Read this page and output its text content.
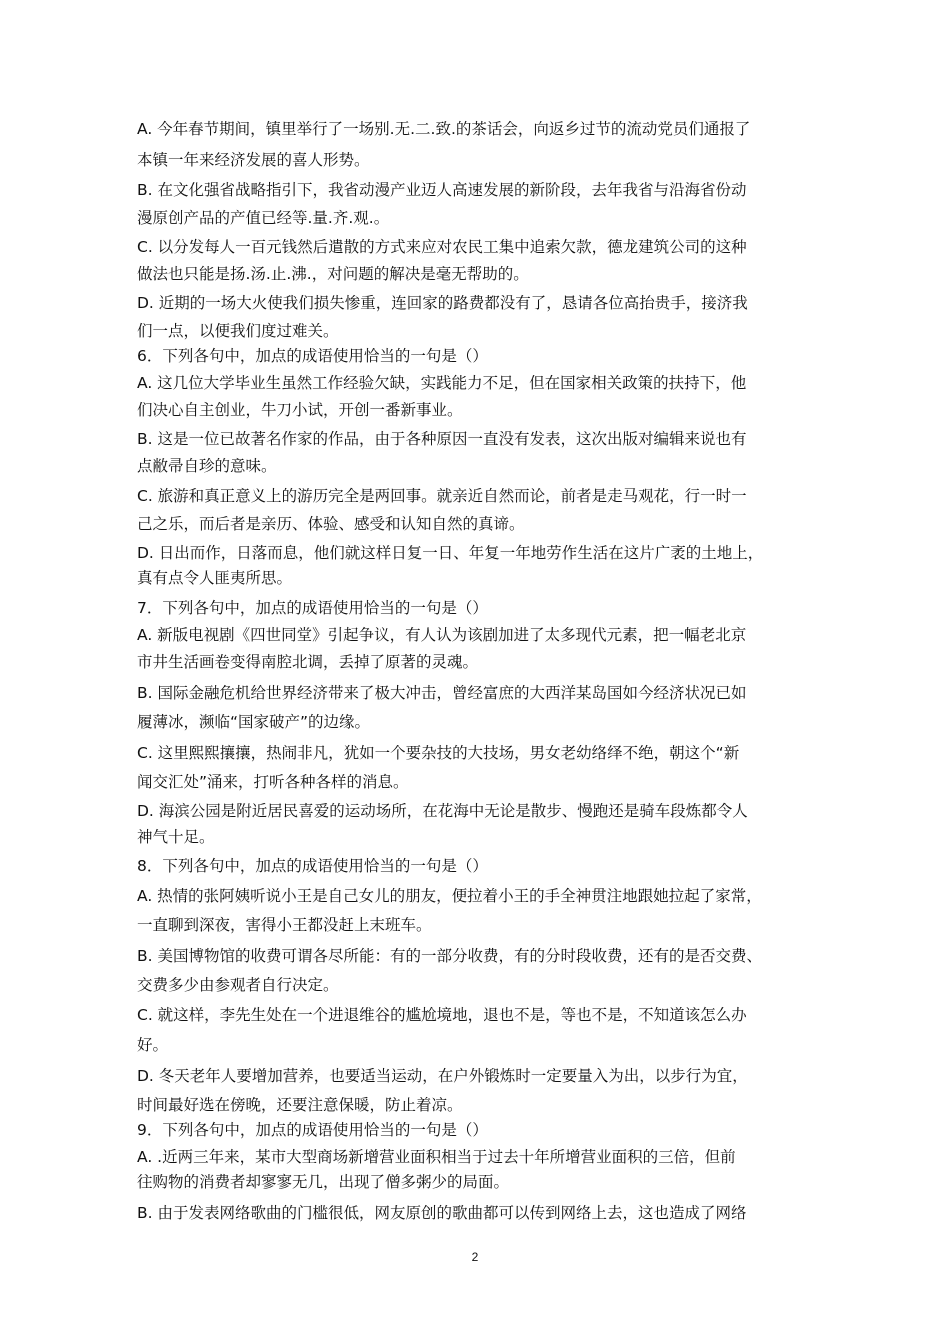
A. 今年春节期间，镇里举行了一场别.无.二.致.的茶话会，向返乡过节的流动党员们通报了
本镇一年来经济发展的喜人形势。
B. 在文化强省战略指引下，我省动漫产业迈人高速发展的新阶段，去年我省与沿海省份动
漫原创产品的产值已经等.量.齐.观.。
C. 以分发每人一百元钱然后遣散的方式来应对农民工集中追索欠款，德龙建筑公司的这种
做法也只能是扬.汤.止.沸.，对问题的解决是毫无帮助的。
D. 近期的一场大火使我们损失惨重，连回家的路费都没有了，恳请各位高抬贵手，接济我
们一点，以便我们度过难关。
6．下列各句中，加点的成语使用恰当的一句是（）
A. 这几位大学毕业生虽然工作经验欠缺，实践能力不足，但在国家相关政策的扶持下，他
们决心自主创业，牛刀小试，开创一番新事业。
B. 这是一位已故著名作家的作品，由于各种原因一直没有发表，这次出版对编辑来说也有
点敝帚自珍的意味。
C. 旅游和真正意义上的游历完全是两回事。就亲近自然而论，前者是走马观花，行一时一
己之乐，而后者是亲历、体验、感受和认知自然的真谛。
D. 日出而作，日落而息，他们就这样日复一日、年复一年地劳作生活在这片广袤的土地上，
真有点令人匪夷所思。
7．下列各句中，加点的成语使用恰当的一句是（）
A. 新版电视剧《四世同堂》引起争议，有人认为该剧加进了太多现代元素，把一幅老北京
市井生活画卷变得南腔北调，丢掉了原著的灵魂。
B. 国际金融危机给世界经济带来了极大冲击，曾经富庶的大西洋某岛国如今经济状况已如
履薄冰，濒临“国家破产”的边缘。
C. 这里熙熙攘攘，热闹非凡，犹如一个要杂技的大技场，男女老幼络绎不绝，朝这个“新
闻交汇处”涌来，打听各种各样的消息。
D. 海滨公园是附近居民喜爱的运动场所，在花海中无论是散步、慢跑还是骑车段炼都令人
神气十足。
8．下列各句中，加点的成语使用恰当的一句是（）
A. 热情的张阿姨听说小王是自己女儿的朋友，便拉着小王的手全神贯注地跟她拉起了家常，
一直聊到深夜，害得小王都没赶上末班车。
B. 美国博物馆的收费可谓各尽所能：有的一部分收费，有的分时段收费，还有的是否交费、
交费多少由参观者自行决定。
C. 就这样，李先生处在一个进退维谷的尴尬境地，退也不是，等也不是，不知道该怎么办
好。
D. 冬天老年人要增加营养，也要适当运动，在户外锻炼时一定要量入为出，以步行为宜，
时间最好选在傍晚，还要注意保暖，防止着凉。
9．下列各句中，加点的成语使用恰当的一句是（）
A. .近两三年来，某市大型商场新增营业面积相当于过去十年所增营业面积的三倍，但前
往购物的消费者却寥寥无几，出现了僧多粥少的局面。
B. 由于发表网络歌曲的门槛很低，网友原创的歌曲都可以传到网络上去，这也造成了网络
2
